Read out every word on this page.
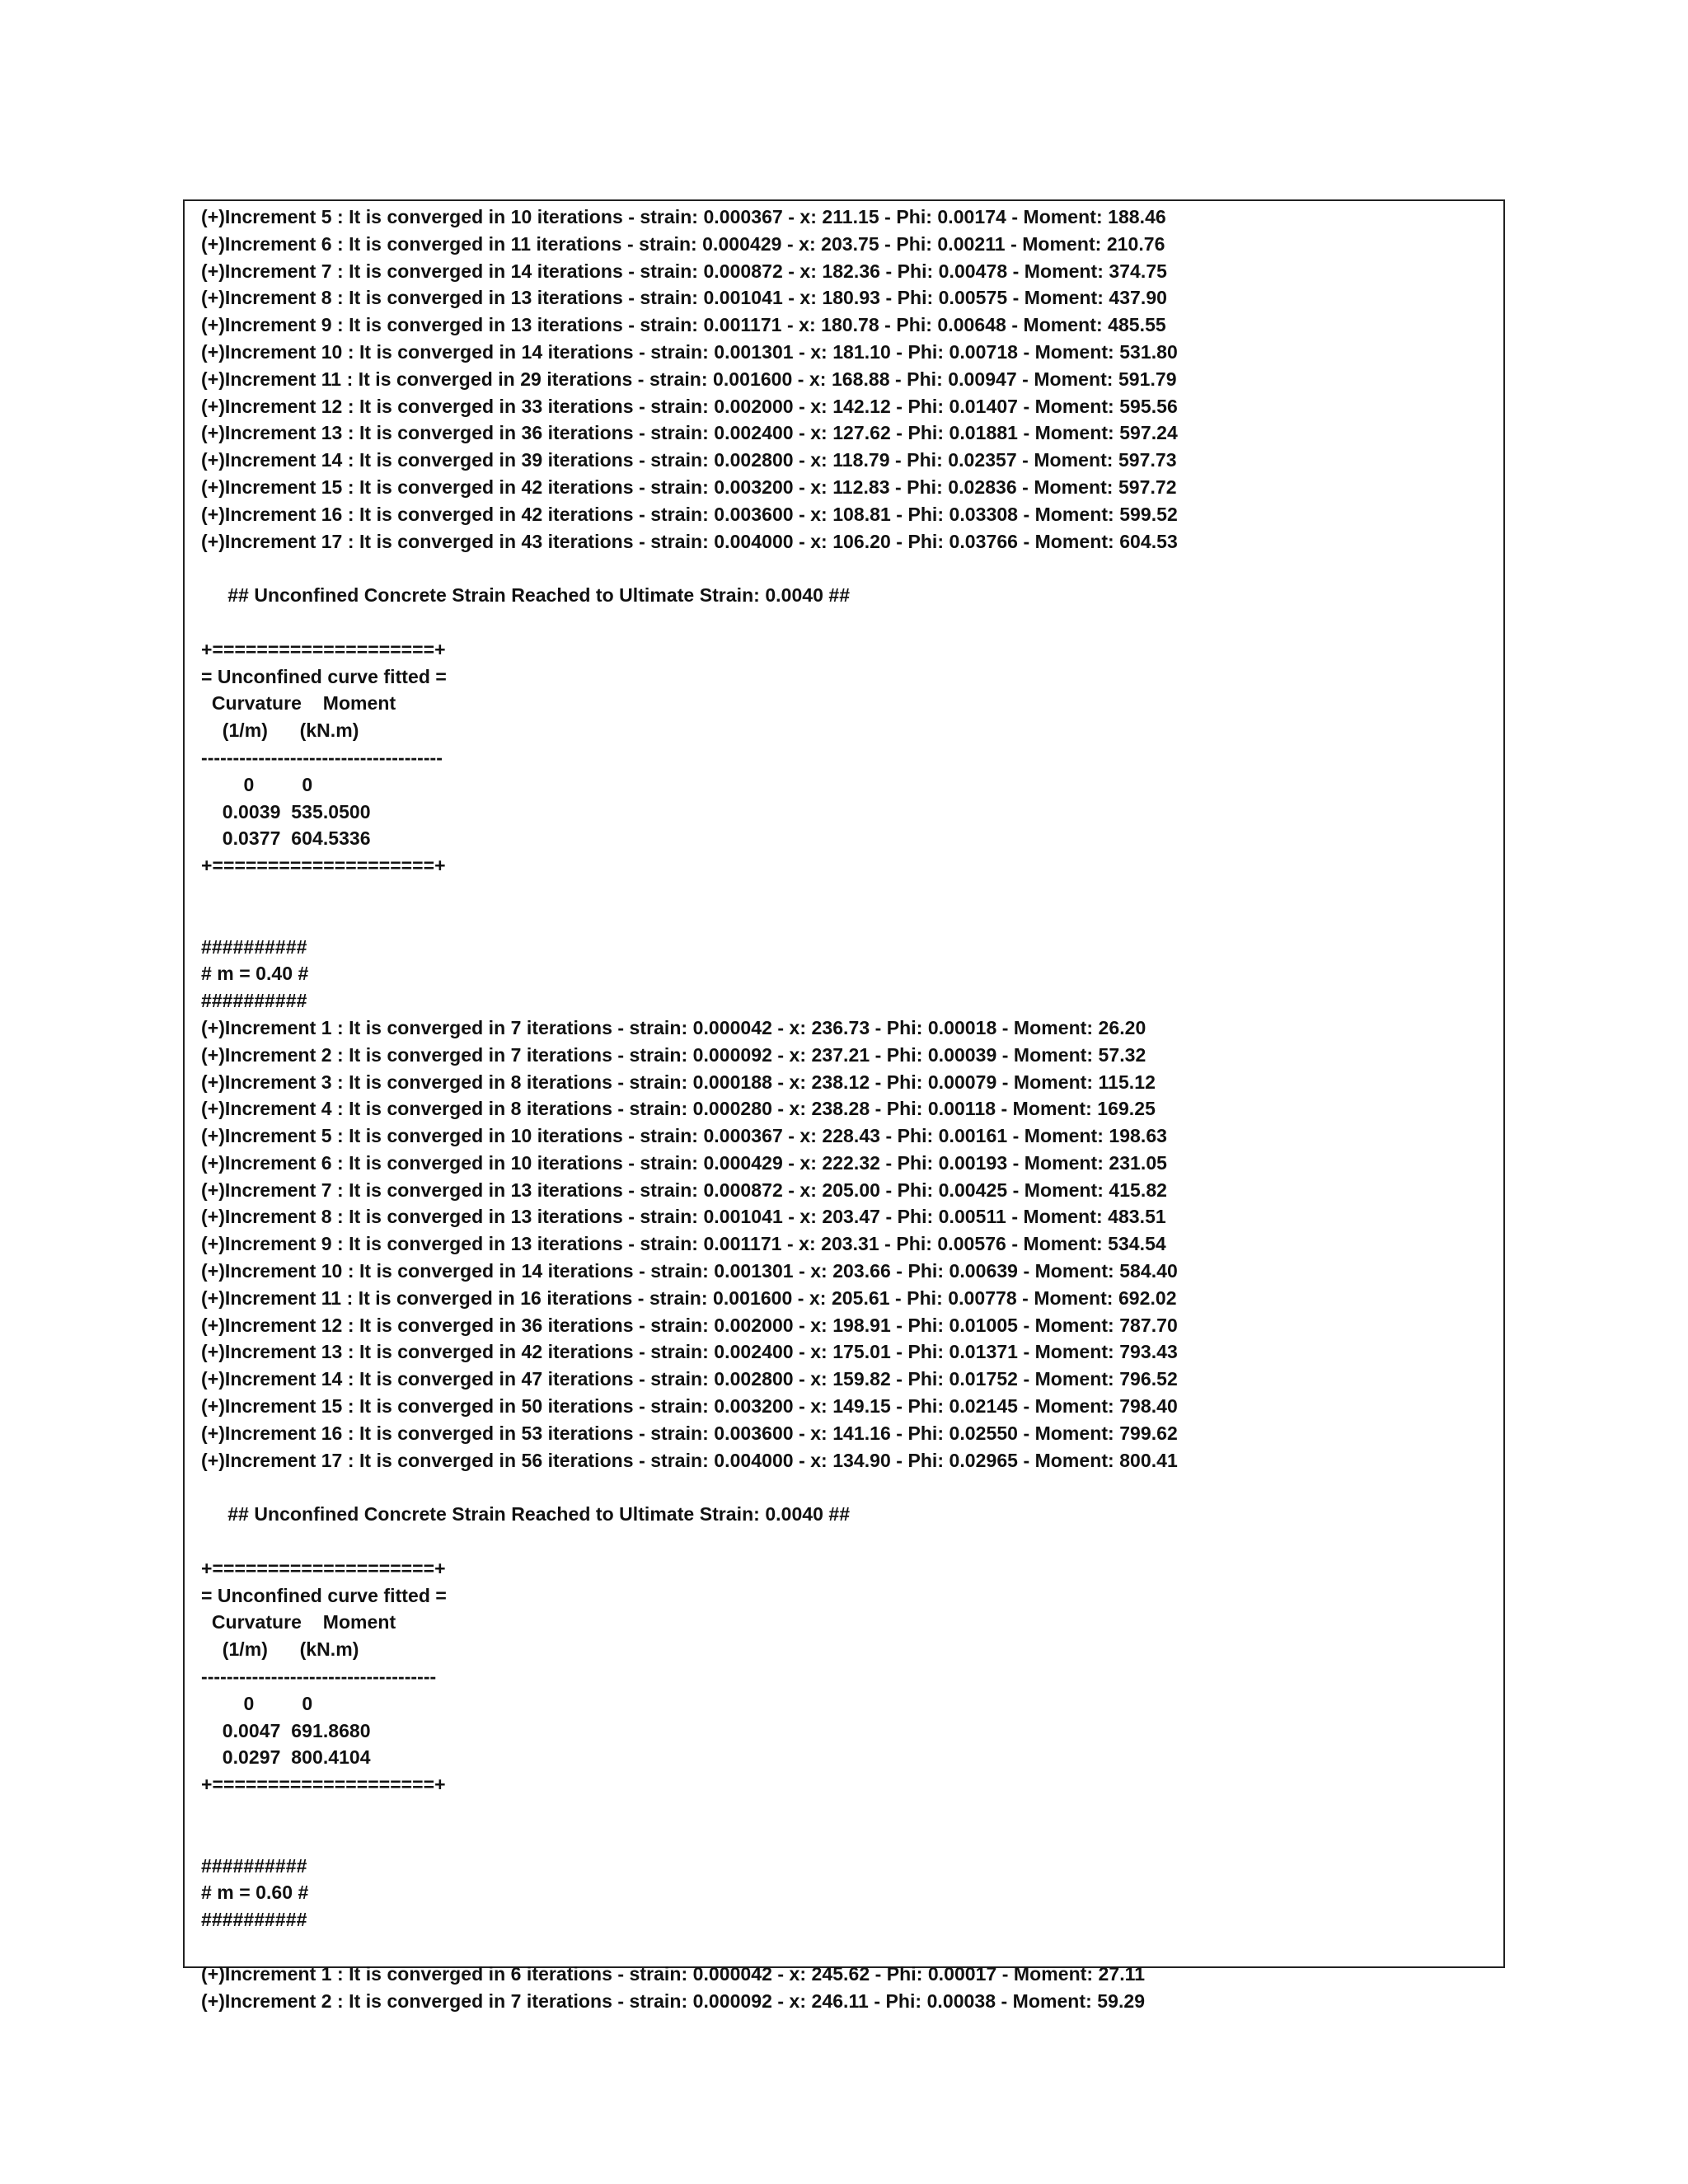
(+)Increment 5 : It is converged in 10 iterations - strain: 0.000367 - x: 211.15 - Phi: 0.00174 - Moment: 188.46
(+)Increment 6 : It is converged in 11 iterations - strain: 0.000429 - x: 203.75 - Phi: 0.00211 - Moment: 210.76
(+)Increment 7 : It is converged in 14 iterations - strain: 0.000872 - x: 182.36 - Phi: 0.00478 - Moment: 374.75
(+)Increment 8 : It is converged in 13 iterations - strain: 0.001041 - x: 180.93 - Phi: 0.00575 - Moment: 437.90
(+)Increment 9 : It is converged in 13 iterations - strain: 0.001171 - x: 180.78 - Phi: 0.00648 - Moment: 485.55
(+)Increment 10 : It is converged in 14 iterations - strain: 0.001301 - x: 181.10 - Phi: 0.00718 - Moment: 531.80
(+)Increment 11 : It is converged in 29 iterations - strain: 0.001600 - x: 168.88 - Phi: 0.00947 - Moment: 591.79
(+)Increment 12 : It is converged in 33 iterations - strain: 0.002000 - x: 142.12 - Phi: 0.01407 - Moment: 595.56
(+)Increment 13 : It is converged in 36 iterations - strain: 0.002400 - x: 127.62 - Phi: 0.01881 - Moment: 597.24
(+)Increment 14 : It is converged in 39 iterations - strain: 0.002800 - x: 118.79 - Phi: 0.02357 - Moment: 597.73
(+)Increment 15 : It is converged in 42 iterations - strain: 0.003200 - x: 112.83 - Phi: 0.02836 - Moment: 597.72
(+)Increment 16 : It is converged in 42 iterations - strain: 0.003600 - x: 108.81 - Phi: 0.03308 - Moment: 599.52
(+)Increment 17 : It is converged in 43 iterations - strain: 0.004000 - x: 106.20 - Phi: 0.03766 - Moment: 604.53
## Unconfined Concrete Strain Reached to Ultimate Strain: 0.0040 ##
+====================+
= Unconfined curve fitted =
Curvature    Moment
(1/m)      (kN.m)
--------------------------------------
0         0
0.0039  535.0500
0.0377  604.5336
+====================+
##########
# m = 0.40 #
##########
(+)Increment 1 : It is converged in 7 iterations - strain: 0.000042 - x: 236.73 - Phi: 0.00018 - Moment: 26.20
(+)Increment 2 : It is converged in 7 iterations - strain: 0.000092 - x: 237.21 - Phi: 0.00039 - Moment: 57.32
(+)Increment 3 : It is converged in 8 iterations - strain: 0.000188 - x: 238.12 - Phi: 0.00079 - Moment: 115.12
(+)Increment 4 : It is converged in 8 iterations - strain: 0.000280 - x: 238.28 - Phi: 0.00118 - Moment: 169.25
(+)Increment 5 : It is converged in 10 iterations - strain: 0.000367 - x: 228.43 - Phi: 0.00161 - Moment: 198.63
(+)Increment 6 : It is converged in 10 iterations - strain: 0.000429 - x: 222.32 - Phi: 0.00193 - Moment: 231.05
(+)Increment 7 : It is converged in 13 iterations - strain: 0.000872 - x: 205.00 - Phi: 0.00425 - Moment: 415.82
(+)Increment 8 : It is converged in 13 iterations - strain: 0.001041 - x: 203.47 - Phi: 0.00511 - Moment: 483.51
(+)Increment 9 : It is converged in 13 iterations - strain: 0.001171 - x: 203.31 - Phi: 0.00576 - Moment: 534.54
(+)Increment 10 : It is converged in 14 iterations - strain: 0.001301 - x: 203.66 - Phi: 0.00639 - Moment: 584.40
(+)Increment 11 : It is converged in 16 iterations - strain: 0.001600 - x: 205.61 - Phi: 0.00778 - Moment: 692.02
(+)Increment 12 : It is converged in 36 iterations - strain: 0.002000 - x: 198.91 - Phi: 0.01005 - Moment: 787.70
(+)Increment 13 : It is converged in 42 iterations - strain: 0.002400 - x: 175.01 - Phi: 0.01371 - Moment: 793.43
(+)Increment 14 : It is converged in 47 iterations - strain: 0.002800 - x: 159.82 - Phi: 0.01752 - Moment: 796.52
(+)Increment 15 : It is converged in 50 iterations - strain: 0.003200 - x: 149.15 - Phi: 0.02145 - Moment: 798.40
(+)Increment 16 : It is converged in 53 iterations - strain: 0.003600 - x: 141.16 - Phi: 0.02550 - Moment: 799.62
(+)Increment 17 : It is converged in 56 iterations - strain: 0.004000 - x: 134.90 - Phi: 0.02965 - Moment: 800.41
## Unconfined Concrete Strain Reached to Ultimate Strain: 0.0040 ##
+====================+
= Unconfined curve fitted =
Curvature    Moment
(1/m)      (kN.m)
-------------------------------------
0         0
0.0047  691.8680
0.0297  800.4104
+====================+
##########
# m = 0.60 #
##########
(+)Increment 1 : It is converged in 6 iterations - strain: 0.000042 - x: 245.62 - Phi: 0.00017 - Moment: 27.11
(+)Increment 2 : It is converged in 7 iterations - strain: 0.000092 - x: 246.11 - Phi: 0.00038 - Moment: 59.29
